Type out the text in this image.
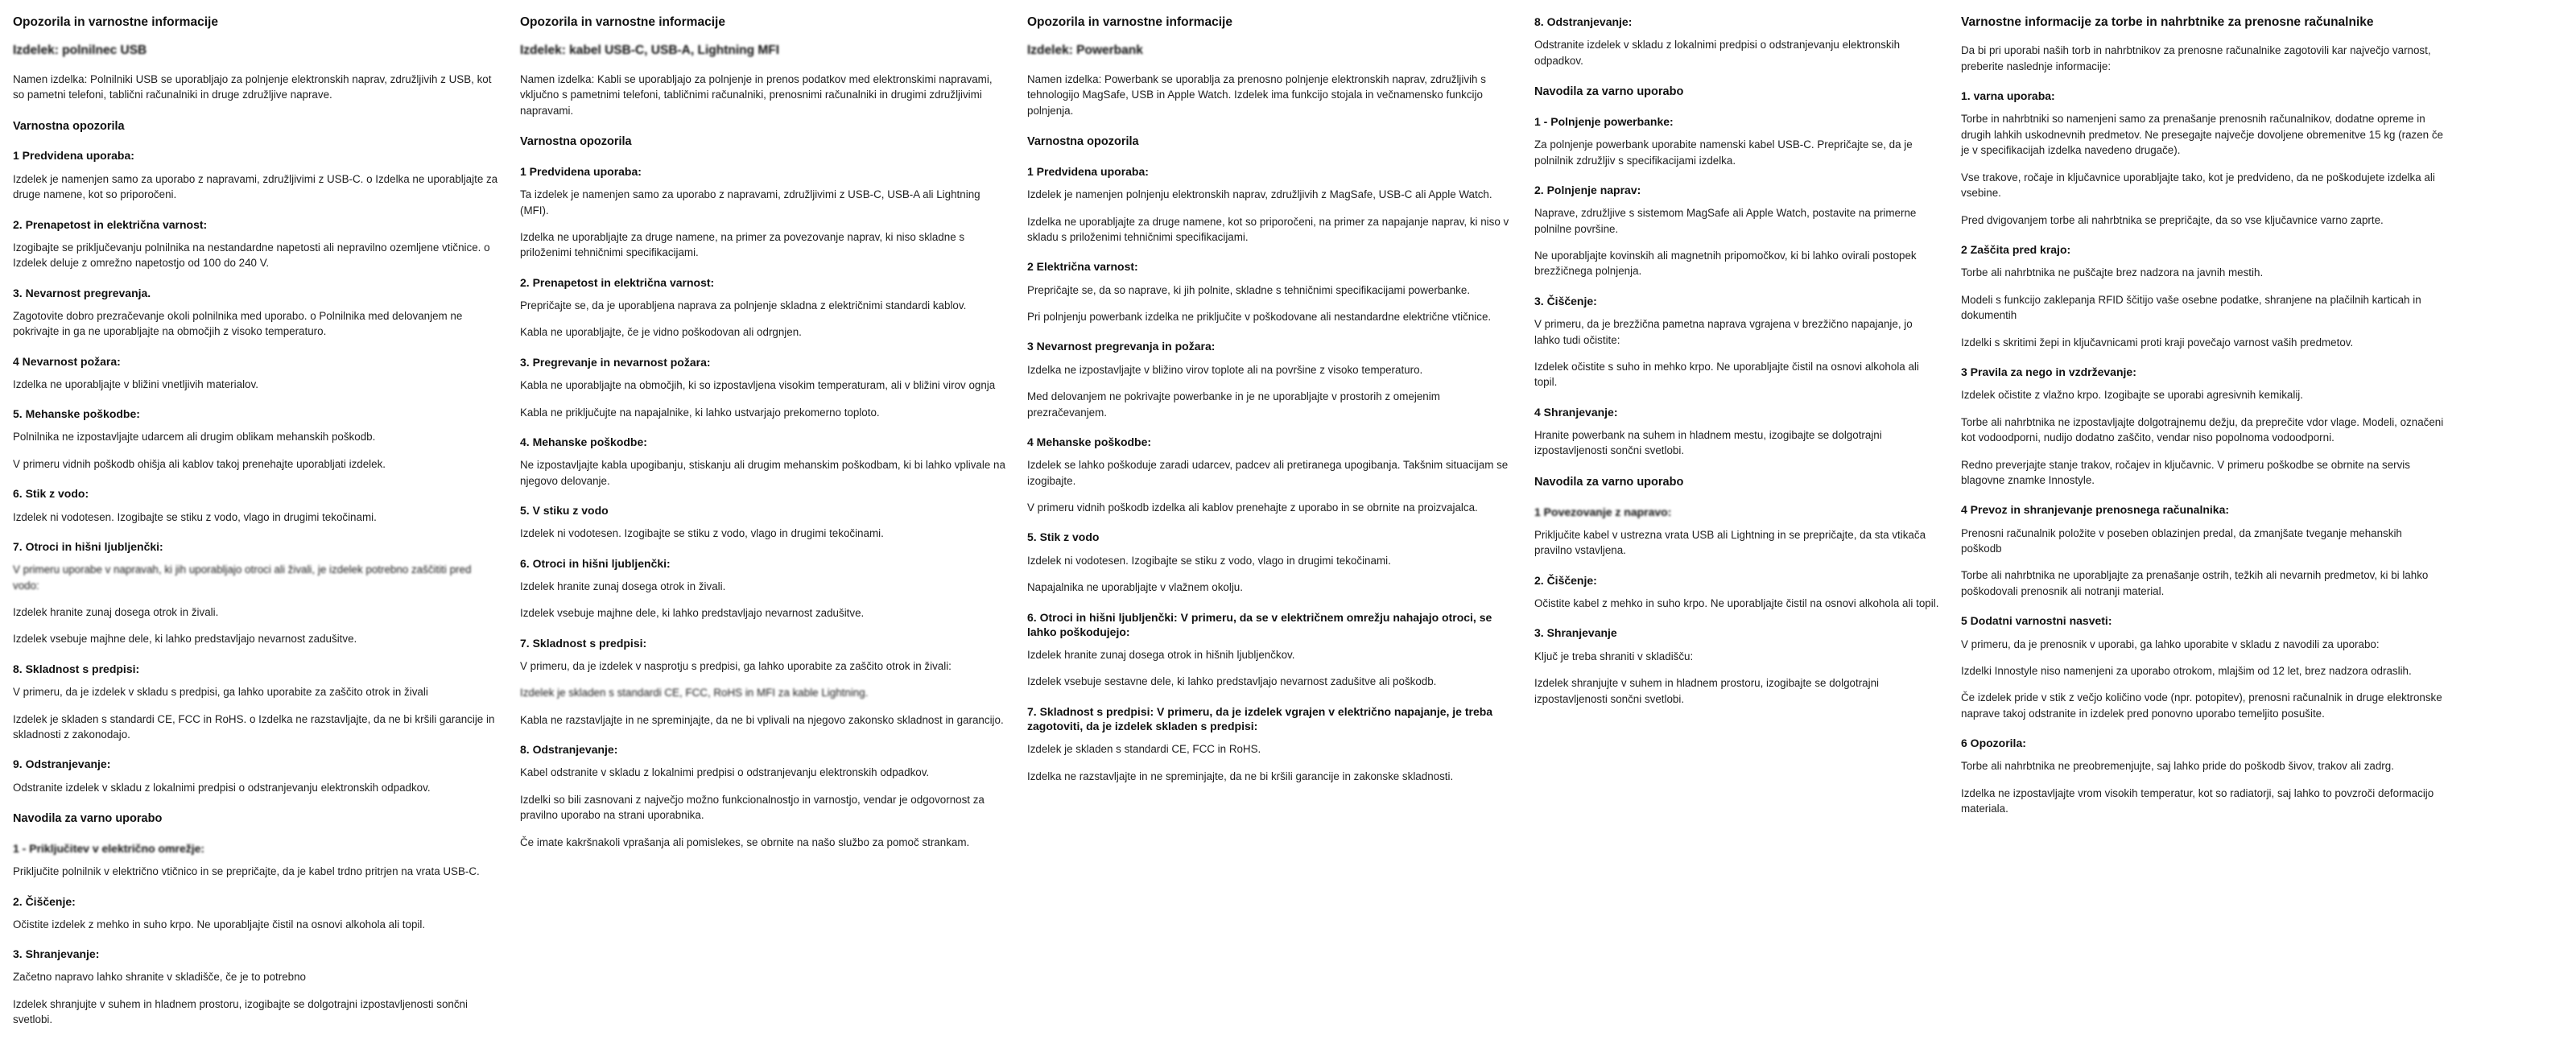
Opozorila in varnostne informacije
Izdelek: polnilnec USB

Namen izdelka: Polnilniki USB se uporabljajo za polnjenje elektronskih naprav, združljivih z USB, kot so pametni telefoni, tablični računalniki in druge združljive naprave.

Varnostna opozorila
1 Predvidena uporaba:

Izdelek je namenjen samo za uporabo z napravami, združljivimi z USB-C. o Izdelka ne uporabljajte za druge namene, kot so priporočeni.

2. Prenapetost in električna varnost:

Izogibajte se priključevanju polnilnika na nestandardne napetosti ali nepravilno ozemljene vtičnice. o Izdelek deluje z omrežno napetostjo od 100 do 240 V.

3. Nevarnost pregrevanja.

Zagotovite dobro prezračevanje okoli polnilnika med uporabo. o Polnilnika med delovanjem ne pokrivajte in ga ne uporabljajte na območjih z visoko temperaturo.

4 Nevarnost požara:

Izdelka ne uporabljajte v bližini vnetljivih materialov.

5. Mehanske poškodbe:

Polnilnika ne izpostavljajte udarcem ali drugim oblikam mehanskih poškodb.

V primeru vidnih poškodb ohišja ali kablov takoj prenehajte uporabljati izdelek.

6. Stik z vodo:

Izdelek ni vodotesen. Izogibajte se stiku z vodo, vlago in drugimi tekočinami.

7. Otroci in hišni ljubljenčki:

V primeru uporabe v napravah, ki jih uporabljajo otroci ali živali, je izdelek potrebno zaščititi pred vodo:

Izdelek hranite zunaj dosega otrok in živali.

Izdelek vsebuje majhne dele, ki lahko predstavljajo nevarnost zadušitve.

8. Skladnost s predpisi:

V primeru, da je izdelek v skladu s predpisi, ga lahko uporabite za zaščito otrok in živali

Izdelek je skladen s standardi CE, FCC in RoHS. o Izdelka ne razstavljajte, da ne bi kršili garancije in skladnosti z zakonodajo.

9. Odstranjevanje:

Odstranite izdelek v skladu z lokalnimi predpisi o odstranjevanju elektronskih odpadkov.

Navodila za varno uporabo
1 - Priključitev v električno omrežje:

Priključite polnilnik v električno vtičnico in se prepričajte, da je kabel trdno pritrjen na vrata USB-C.

2. Čiščenje:

Očistite izdelek z mehko in suho krpo. Ne uporabljajte čistil na osnovi alkohola ali topil.

3. Shranjevanje:

Začetno napravo lahko shranite v skladišče, če je to potrebno

Izdelek shranjujte v suhem in hladnem prostoru, izogibajte se dolgotrajni izpostavljenosti sončni svetlobi.

Opozorila in varnostne informacije
Izdelek: kabel USB-C, USB-A, Lightning MFI

Namen izdelka: Kabli se uporabljajo za polnjenje in prenos podatkov med elektronskimi napravami, vključno s pametnimi telefoni, tabličnimi računalniki, prenosnimi računalniki in drugimi združljivimi napravami.

Varnostna opozorila
1 Predvidena uporaba:

Ta izdelek je namenjen samo za uporabo z napravami, združljivimi z USB-C, USB-A ali Lightning (MFI).

Izdelka ne uporabljajte za druge namene, na primer za povezovanje naprav, ki niso skladne s priloženimi tehničnimi specifikacijami.

2. Prenapetost in električna varnost:

Prepričajte se, da je uporabljena naprava za polnjenje skladna z električnimi standardi kablov.

Kabla ne uporabljajte, če je vidno poškodovan ali odrgnjen.

3. Pregrevanje in nevarnost požara:

Kabla ne uporabljajte na območjih, ki so izpostavljena visokim temperaturam, ali v bližini virov ognja

Kabla ne priključujte na napajalnike, ki lahko ustvarjajo prekomerno toploto.

4. Mehanske poškodbe:

Ne izpostavljajte kabla upogibanju, stiskanju ali drugim mehanskim poškodbam, ki bi lahko vplivale na njegovo delovanje.

5. V stiku z vodo

Izdelek ni vodotesen. Izogibajte se stiku z vodo, vlago in drugimi tekočinami.

6. Otroci in hišni ljubljenčki:

Izdelek hranite zunaj dosega otrok in živali.

Izdelek vsebuje majhne dele, ki lahko predstavljajo nevarnost zadušitve.

7. Skladnost s predpisi:

V primeru, da je izdelek v nasprotju s predpisi, ga lahko uporabite za zaščito otrok in živali:

Izdelek je skladen s standardi CE, FCC, RoHS in MFI za kable Lightning.

Kabla ne razstavljajte in ne spreminjajte, da ne bi vplivali na njegovo zakonsko skladnost in garancijo.

8. Odstranjevanje:

Kabel odstranite v skladu z lokalnimi predpisi o odstranjevanju elektronskih odpadkov.

Izdelki so bili zasnovani z največjo možno funkcionalnostjo in varnostjo, vendar je odgovornost za pravilno uporabo na strani uporabnika.

Če imate kakršnakoli vprašanja ali pomislekes, se obrnite na našo službo za pomoč strankam.

Opozorila in varnostne informacije
Izdelek: Powerbank

Namen izdelka: Powerbank se uporablja za prenosno polnjenje elektronskih naprav, združljivih s tehnologijo MagSafe, USB in Apple Watch. Izdelek ima funkcijo stojala in večnamensko funkcijo polnjenja.

Varnostna opozorila
1 Predvidena uporaba:

Izdelek je namenjen polnjenju elektronskih naprav, združljivih z MagSafe, USB-C ali Apple Watch.

Izdelka ne uporabljajte za druge namene, kot so priporočeni, na primer za napajanje naprav, ki niso v skladu s priloženimi tehničnimi specifikacijami.

2 Električna varnost:

Prepričajte se, da so naprave, ki jih polnite, skladne s tehničnimi specifikacijami powerbanke.

Pri polnjenju powerbank izdelka ne priključite v poškodovane ali nestandardne električne vtičnice.

3 Nevarnost pregrevanja in požara:

Izdelka ne izpostavljajte v bližino virov toplote ali na površine z visoko temperaturo.

Med delovanjem ne pokrivajte powerbanke in je ne uporabljajte v prostorih z omejenim prezračevanjem.

4 Mehanske poškodbe:

Izdelek se lahko poškoduje zaradi udarcev, padcev ali pretiranega upogibanja. Takšnim situacijam se izogibajte.

V primeru vidnih poškodb izdelka ali kablov prenehajte z uporabo in se obrnite na proizvajalca.

5. Stik z vodo

Izdelek ni vodotesen. Izogibajte se stiku z vodo, vlago in drugimi tekočinami.

Napajalnika ne uporabljajte v vlažnem okolju.

6. Otroci in hišni ljubljenčki: V primeru, da se v električnem omrežju nahajajo otroci, se lahko poškodujejo:

Izdelek hranite zunaj dosega otrok in hišnih ljubljenčkov.

Izdelek vsebuje sestavne dele, ki lahko predstavljajo nevarnost zadušitve ali poškodb.

7. Skladnost s predpisi: V primeru, da je izdelek vgrajen v električno napajanje, je treba zagotoviti, da je izdelek skladen s predpisi:

Izdelek je skladen s standardi CE, FCC in RoHS.

Izdelka ne razstavljajte in ne spreminjajte, da ne bi kršili garancije in zakonske skladnosti.

8. Odstranjevanje:

Odstranite izdelek v skladu z lokalnimi predpisi o odstranjevanju elektronskih odpadkov.

Navodila za varno uporabo
1 - Polnjenje powerbanke:

Za polnjenje powerbank uporabite namenski kabel USB-C. Prepričajte se, da je polnilnik združljiv s specifikacijami izdelka.

2. Polnjenje naprav:

Naprave, združljive s sistemom MagSafe ali Apple Watch, postavite na primerne polnilne površine.

Ne uporabljajte kovinskih ali magnetnih pripomočkov, ki bi lahko ovirali postopek brezžičnega polnjenja.

3. Čiščenje:

V primeru, da je brezžična pametna naprava vgrajena v brezžično napajanje, jo lahko tudi očistite:

Izdelek očistite s suho in mehko krpo. Ne uporabljajte čistil na osnovi alkohola ali topil.

4 Shranjevanje:

Hranite powerbank na suhem in hladnem mestu, izogibajte se dolgotrajni izpostavljenosti sončni svetlobi.

Navodila za varno uporabo
1 Povezovanje z napravo:

Priključite kabel v ustrezna vrata USB ali Lightning in se prepričajte, da sta vtikača pravilno vstavljena.

2. Čiščenje:

Očistite kabel z mehko in suho krpo. Ne uporabljajte čistil na osnovi alkohola ali topil.

3. Shranjevanje

Ključ je treba shraniti v skladišču:

Izdelek shranjujte v suhem in hladnem prostoru, izogibajte se dolgotrajni izpostavljenosti sončni svetlobi.

Varnostne informacije za torbe in nahrbtnike za prenosne računalnike

Da bi pri uporabi naših torb in nahrbtnikov za prenosne računalnike zagotovili kar največjo varnost, preberite naslednje informacije:

1. varna uporaba:

Torbe in nahrbtniki so namenjeni samo za prenašanje prenosnih računalnikov, dodatne opreme in drugih lahkih uskodnevnih predmetov. Ne presegajte največje dovoljene obremenitve 15 kg (razen če je v specifikacijah izdelka navedeno drugače).

Vse trakove, ročaje in ključavnice uporabljajte tako, kot je predvideno, da ne poškodujete izdelka ali vsebine.

Pred dvigovanjem torbe ali nahrbtnika se prepričajte, da so vse ključavnice varno zaprte.

2 Zaščita pred krajo:

Torbe ali nahrbtnika ne puščajte brez nadzora na javnih mestih.

Modeli s funkcijo zaklepanja RFID ščitijo vaše osebne podatke, shranjene na plačilnih karticah in dokumentih

Izdelki s skritimi žepi in ključavnicami proti kraji povečajo varnost vaših predmetov.

3 Pravila za nego in vzdrževanje:

Izdelek očistite z vlažno krpo. Izogibajte se uporabi agresivnih kemikalij.

Torbe ali nahrbtnika ne izpostavljajte dolgotrajnemu dežju, da preprečite vdor vlage. Modeli, označeni kot vodoodporni, nudijo dodatno zaščito, vendar niso popolnoma vodoodporni.

Redno preverjajte stanje trakov, ročajev in ključavnic. V primeru poškodbe se obrnite na servis blagovne znamke Innostyle.

4 Prevoz in shranjevanje prenosnega računalnika:

Prenosni računalnik položite v poseben oblazinjen predal, da zmanjšate tveganje mehanskih poškodb

Torbe ali nahrbtnika ne uporabljajte za prenašanje ostrih, težkih ali nevarnih predmetov, ki bi lahko poškodovali prenosnik ali notranji material.

5 Dodatni varnostni nasveti:

V primeru, da je prenosnik v uporabi, ga lahko uporabite v skladu z navodili za uporabo:

Izdelki Innostyle niso namenjeni za uporabo otrokom, mlajšim od 12 let, brez nadzora odraslih.

Če izdelek pride v stik z večjo količino vode (npr. potopitev), prenosni računalnik in druge elektronske naprave takoj odstranite in izdelek pred ponovno uporabo temeljito posušite.

6 Opozorila:

Torbe ali nahrbtnika ne preobremenjujte, saj lahko pride do poškodb šivov, trakov ali zadrg.

Izdelka ne izpostavljajte vrom visokih temperatur, kot so radiatorji, saj lahko to povzroči deformacijo materiala.
